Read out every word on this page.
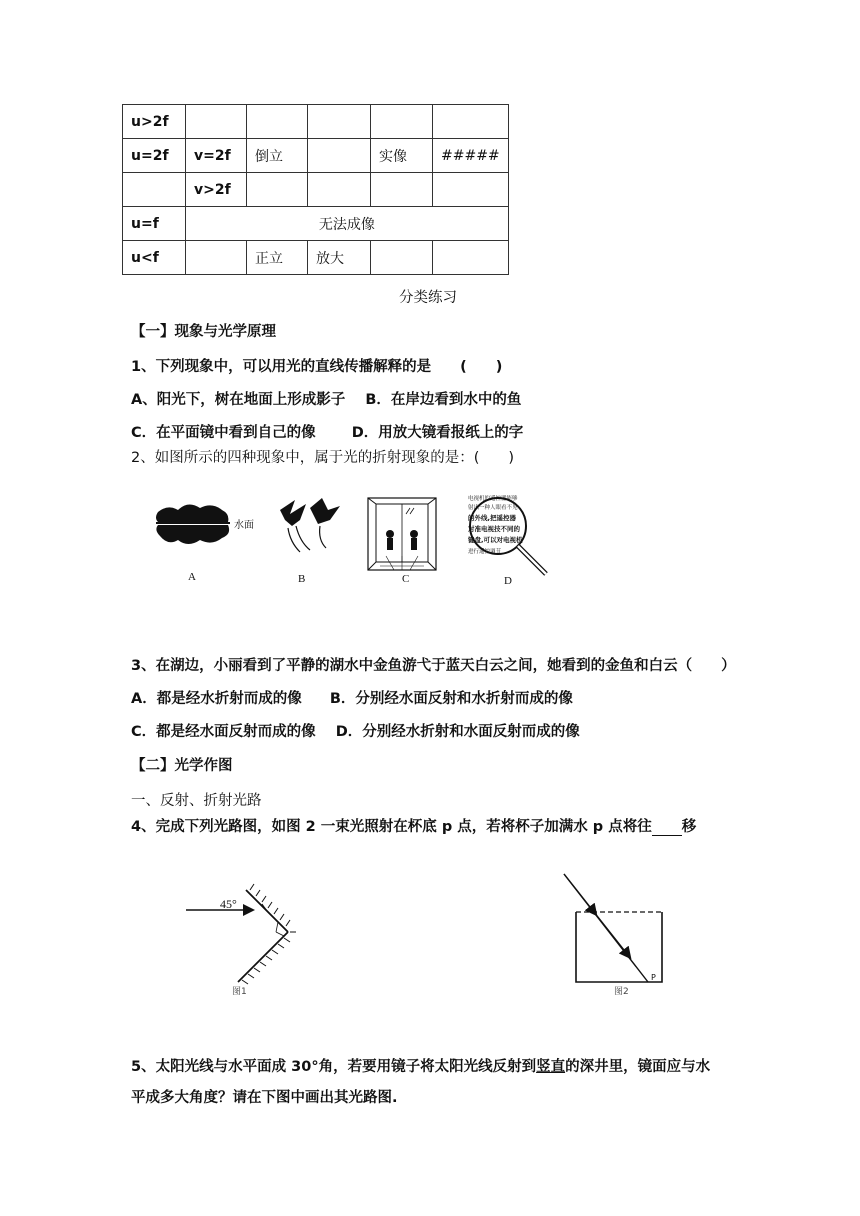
u>2f					
u=2f	v=2f	倒立		实像	#####
	v>2f				
u=f	无法成像				
u<f		正立	放大		
分类练习
【一】现象与光学原理
1、下列现象中，可以用光的直线传播解释的是　　(　　)
A、阳光下，树在地面上形成影子 B．在岸边看到水中的鱼
C．在平面镜中看到自己的像 D．用放大镜看报纸上的字
2、如图所示的四种现象中，属于光的折射现象的是：(　　)
水面
A	B	C
电视机的遥控器能够
射出一种人眼看不见
的外线,把遥控器
对准电视技不同的
键盘,可以对电视机
进行遥控调节
D
3、在湖边，小丽看到了平静的湖水中金鱼游弋于蓝天白云之间，她看到的金鱼和白云（　　）
A．都是经水折射而成的像 B．分别经水面反射和水折射而成的像
C．都是经水面反射而成的像 D．分别经水折射和水面反射而成的像
【二】光学作图
一、反射、折射光路
4、完成下列光路图，如图 2 一束光照射在杯底 p 点，若将杯子加满水 p 点将往 移
45°
图1
P
图2
5、太阳光线与水平面成 30°角，若要用镜子将太阳光线反射到竖直的深井里，镜面应与水
平成多大角度？请在下图中画出其光路图.
